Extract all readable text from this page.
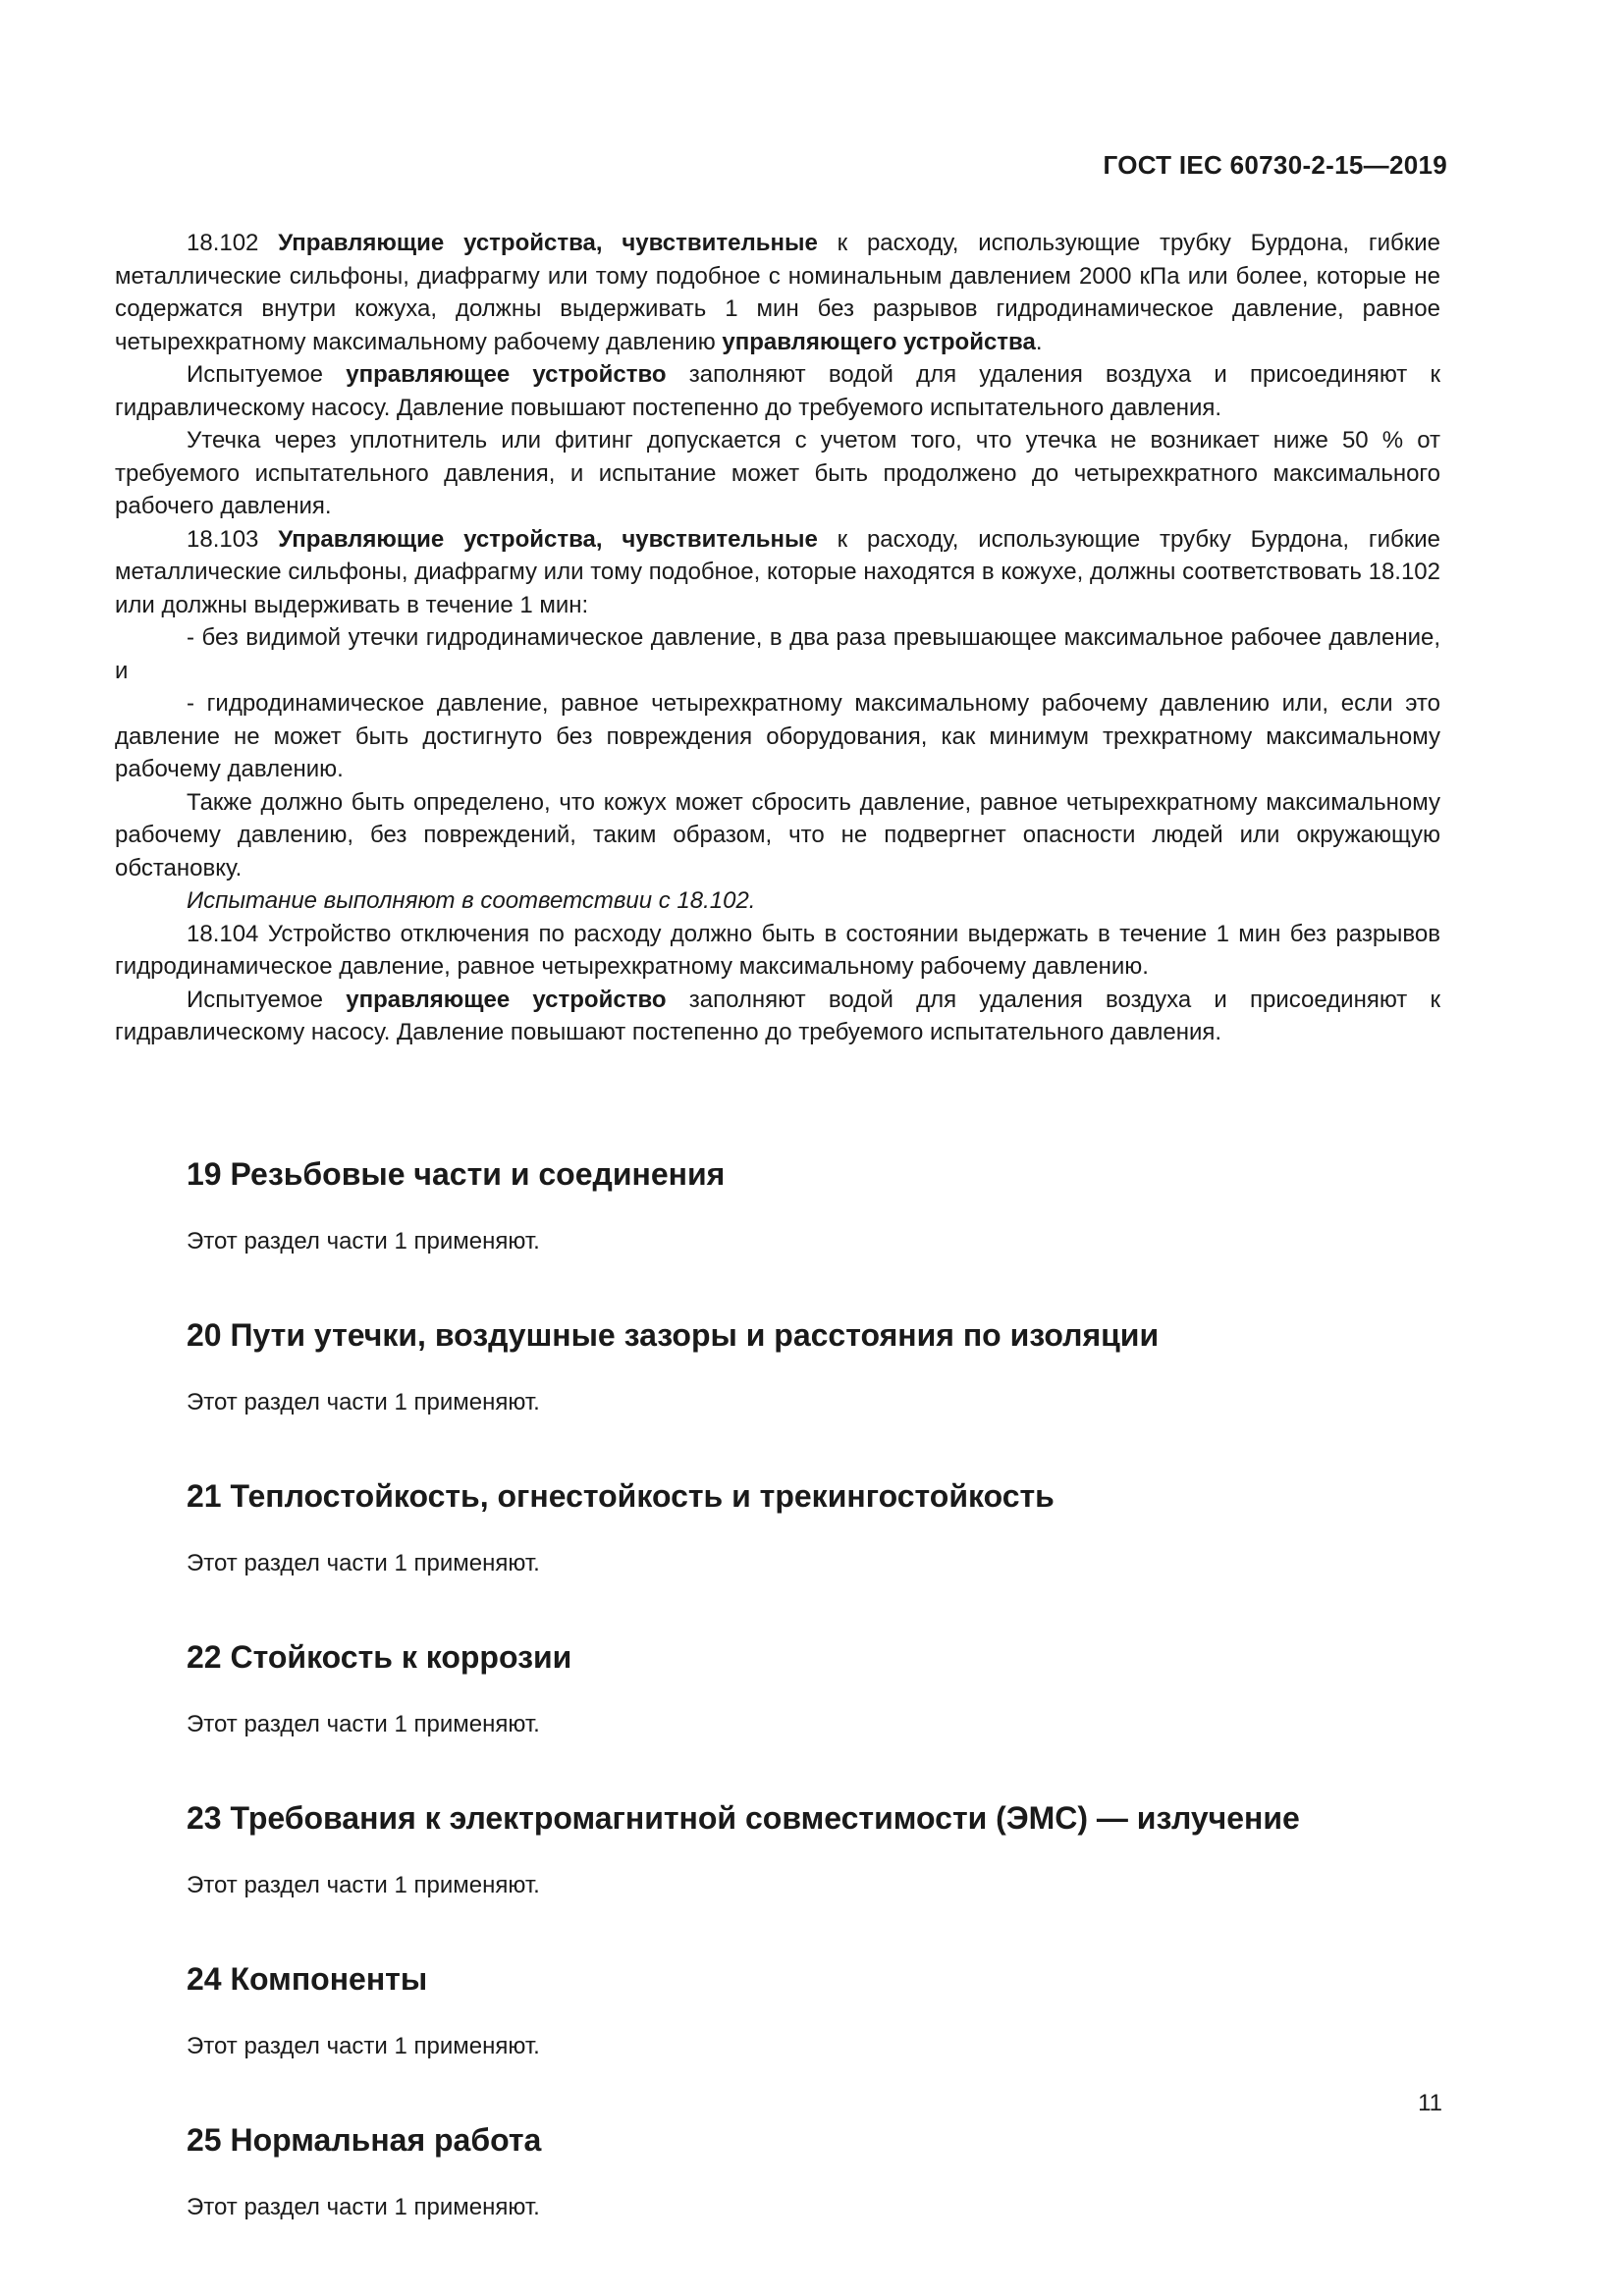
ГОСТ IEC 60730-2-15—2019

18.102 Управляющие устройства, чувствительные к расходу, использующие трубку Бурдона, гибкие металлические сильфоны, диафрагму или тому подобное с номинальным давлением 2000 кПа или более, которые не содержатся внутри кожуха, должны выдерживать 1 мин без разрывов гидродинамическое давление, равное четырехкратному максимальному рабочему давлению управляющего устройства.

Испытуемое управляющее устройство заполняют водой для удаления воздуха и присоединяют к гидравлическому насосу. Давление повышают постепенно до требуемого испытательного давления.

Утечка через уплотнитель или фитинг допускается с учетом того, что утечка не возникает ниже 50 % от требуемого испытательного давления, и испытание может быть продолжено до четырехкратного максимального рабочего давления.

18.103 Управляющие устройства, чувствительные к расходу, использующие трубку Бурдона, гибкие металлические сильфоны, диафрагму или тому подобное, которые находятся в кожухе, должны соответствовать 18.102 или должны выдерживать в течение 1 мин:

- без видимой утечки гидродинамическое давление, в два раза превышающее максимальное рабочее давление, и

- гидродинамическое давление, равное четырехкратному максимальному рабочему давлению или, если это давление не может быть достигнуто без повреждения оборудования, как минимум трехкратному максимальному рабочему давлению.

Также должно быть определено, что кожух может сбросить давление, равное четырехкратному максимальному рабочему давлению, без повреждений, таким образом, что не подвергнет опасности людей или окружающую обстановку.

Испытание выполняют в соответствии с 18.102.

18.104 Устройство отключения по расходу должно быть в состоянии выдержать в течение 1 мин без разрывов гидродинамическое давление, равное четырехкратному максимальному рабочему давлению.

Испытуемое управляющее устройство заполняют водой для удаления воздуха и присоединяют к гидравлическому насосу. Давление повышают постепенно до требуемого испытательного давления.

19 Резьбовые части и соединения

Этот раздел части 1 применяют.

20 Пути утечки, воздушные зазоры и расстояния по изоляции

Этот раздел части 1 применяют.

21 Теплостойкость, огнестойкость и трекингостойкость

Этот раздел части 1 применяют.

22 Стойкость к коррозии

Этот раздел части 1 применяют.

23 Требования к электромагнитной совместимости (ЭМС) — излучение

Этот раздел части 1 применяют.

24 Компоненты

Этот раздел части 1 применяют.

25 Нормальная работа

Этот раздел части 1 применяют.

11
